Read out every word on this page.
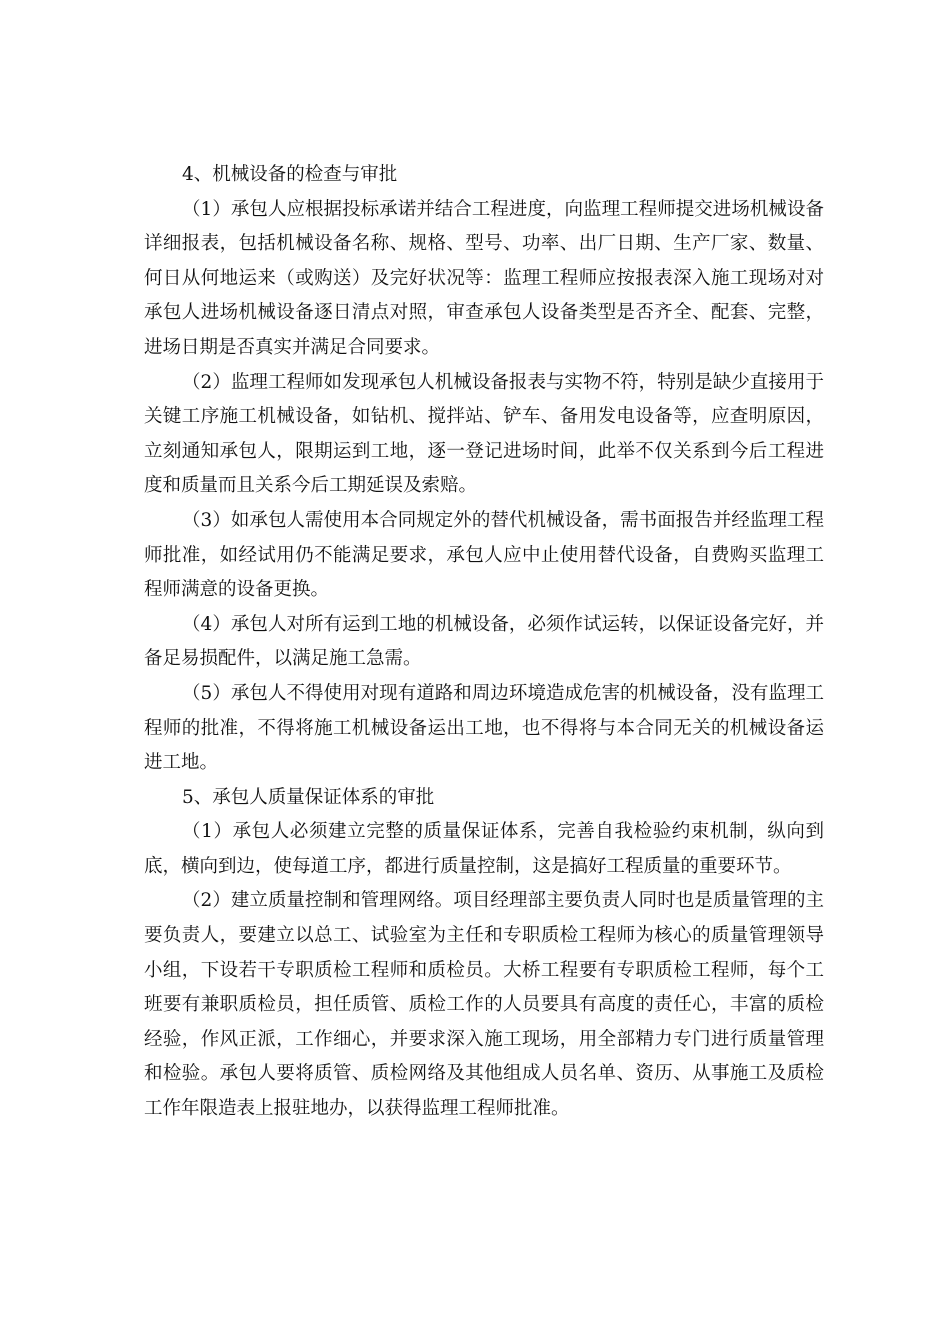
4、机械设备的检查与审批

（1）承包人应根据投标承诺并结合工程进度，向监理工程师提交进场机械设备详细报表，包括机械设备名称、规格、型号、功率、出厂日期、生产厂家、数量、何日从何地运来（或购送）及完好状况等：监理工程师应按报表深入施工现场对对承包人进场机械设备逐日清点对照，审查承包人设备类型是否齐全、配套、完整，进场日期是否真实并满足合同要求。

（2）监理工程师如发现承包人机械设备报表与实物不符，特别是缺少直接用于关键工序施工机械设备，如钻机、搅拌站、铲车、备用发电设备等，应查明原因，立刻通知承包人，限期运到工地，逐一登记进场时间，此举不仅关系到今后工程进度和质量而且关系今后工期延误及索赔。

（3）如承包人需使用本合同规定外的替代机械设备，需书面报告并经监理工程师批准，如经试用仍不能满足要求，承包人应中止使用替代设备，自费购买监理工程师满意的设备更换。

（4）承包人对所有运到工地的机械设备，必须作试运转，以保证设备完好，并备足易损配件，以满足施工急需。

（5）承包人不得使用对现有道路和周边环境造成危害的机械设备，没有监理工程师的批准，不得将施工机械设备运出工地，也不得将与本合同无关的机械设备运进工地。

5、承包人质量保证体系的审批

（1）承包人必须建立完整的质量保证体系，完善自我检验约束机制，纵向到底，横向到边，使每道工序，都进行质量控制，这是搞好工程质量的重要环节。

（2）建立质量控制和管理网络。项目经理部主要负责人同时也是质量管理的主要负责人，要建立以总工、试验室为主任和专职质检工程师为核心的质量管理领导小组，下设若干专职质检工程师和质检员。大桥工程要有专职质检工程师，每个工班要有兼职质检员，担任质管、质检工作的人员要具有高度的责任心，丰富的质检经验，作风正派，工作细心，并要求深入施工现场，用全部精力专门进行质量管理和检验。承包人要将质管、质检网络及其他组成人员名单、资历、从事施工及质检工作年限造表上报驻地办，以获得监理工程师批准。
